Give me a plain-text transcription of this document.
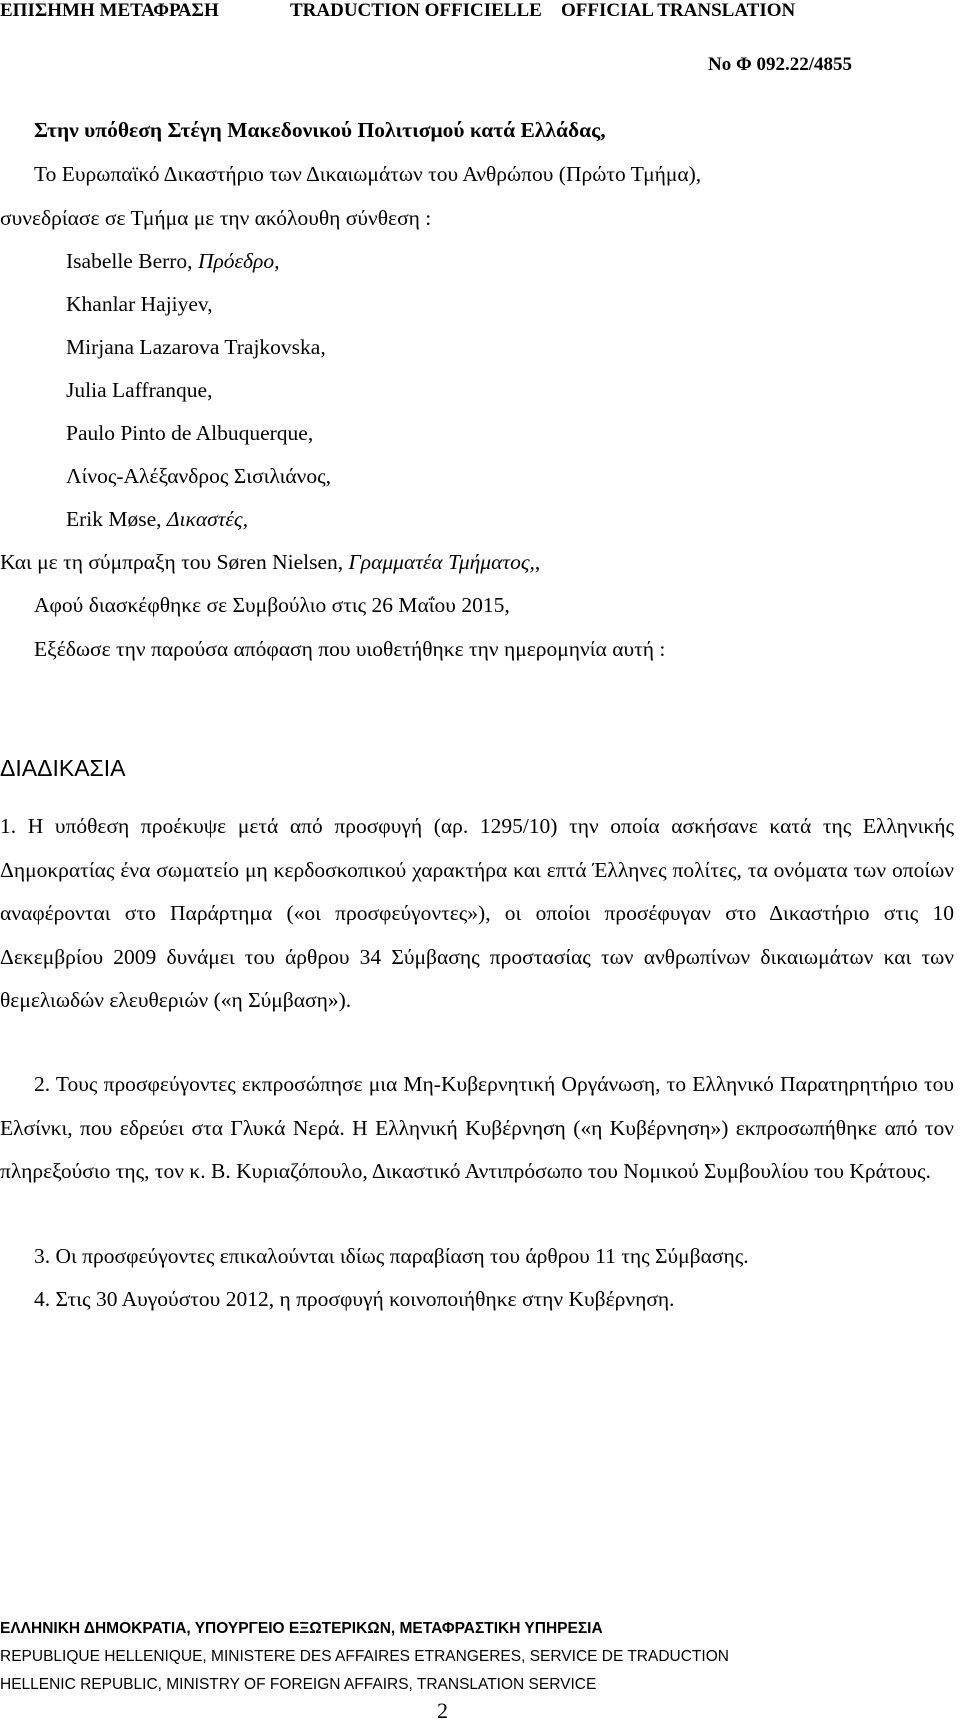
ΕΠΙΣΗΜΗ ΜΕΤΑΦΡΑΣΗ	TRADUCTION OFFICIELLE OFFICIAL TRANSLATION
Νο Φ 092.22/4855
Στην υπόθεση Στέγη Μακεδονικού Πολιτισμού κατά Ελλάδας,
Το Ευρωπαϊκό Δικαστήριο των Δικαιωμάτων του Ανθρώπου (Πρώτο Τμήμα),
συνεδρίασε σε Τμήμα με την ακόλουθη σύνθεση :
Isabelle Berro, Πρόεδρο,
Khanlar Hajiyev,
Mirjana Lazarova Trajkovska,
Julia Laffranque,
Paulo Pinto de Albuquerque,
Λίνος-Αλέξανδρος Σισιλιάνος,
Erik Møse, Δικαστές,
Και με τη σύμπραξη του Søren Nielsen, Γραμματέα Τμήματος,,
Αφού διασκέφθηκε σε Συμβούλιο στις 26 Μαΐου 2015,
Εξέδωσε την παρούσα απόφαση που υιοθετήθηκε την ημερομηνία αυτή :
ΔΙΑΔΙΚΑΣΙΑ

1. Η υπόθεση προέκυψε μετά από προσφυγή (αρ. 1295/10) την οποία ασκήσανε κατά της Ελληνικής Δημοκρατίας ένα σωματείο μη κερδοσκοπικού χαρακτήρα και επτά Έλληνες πολίτες, τα ονόματα των οποίων αναφέρονται στο Παράρτημα («οι προσφεύγοντες»), οι οποίοι προσέφυγαν στο Δικαστήριο στις 10 Δεκεμβρίου 2009 δυνάμει του άρθρου 34 Σύμβασης προστασίας των ανθρωπίνων δικαιωμάτων και των θεμελιωδών ελευθεριών («η Σύμβαση»).

2. Τους προσφεύγοντες εκπροσώπησε μια Μη-Κυβερνητική Οργάνωση, το Ελληνικό Παρατηρητήριο του Ελσίνκι, που εδρεύει στα Γλυκά Νερά. Η Ελληνική Κυβέρνηση («η Κυβέρνηση») εκπροσωπήθηκε από τον πληρεξούσιο της, τον κ. Β. Κυριαζόπουλο, Δικαστικό Αντιπρόσωπο του Νομικού Συμβουλίου του Κράτους.

3. Οι προσφεύγοντες επικαλούνται ιδίως παραβίαση του άρθρου 11 της Σύμβασης.

4. Στις 30 Αυγούστου 2012, η προσφυγή κοινοποιήθηκε στην Κυβέρνηση.

ΕΛΛΗΝΙΚΗ ΔΗΜΟΚΡΑΤΙΑ, ΥΠΟΥΡΓΕΙΟ ΕΞΩΤΕΡΙΚΩΝ, ΜΕΤΑΦΡΑΣΤΙΚΗ ΥΠΗΡΕΣΙΑ
REPUBLIQUE HELLENIQUE, MINISTERE DES AFFAIRES ETRANGERES, SERVICE DE TRADUCTION
HELLENIC REPUBLIC, MINISTRY OF FOREIGN AFFAIRS, TRANSLATION SERVICE
2
